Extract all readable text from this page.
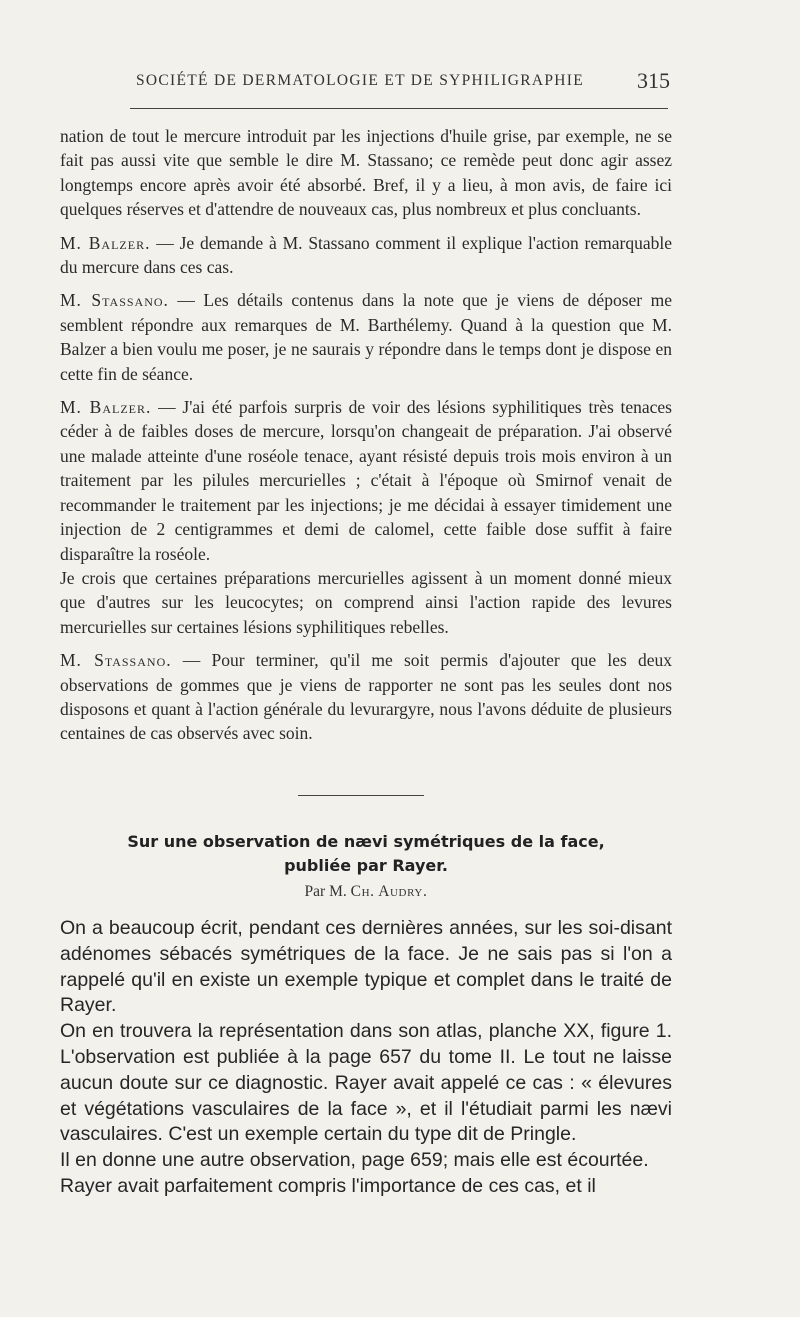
SOCIÉTÉ DE DERMATOLOGIE ET DE SYPHILIGRAPHIE 315

nation de tout le mercure introduit par les injections d'huile grise, par exemple, ne se fait pas aussi vite que semble le dire M. Stassano; ce remède peut donc agir assez longtemps encore après avoir été absorbé. Bref, il y a lieu, à mon avis, de faire ici quelques réserves et d'attendre de nouveaux cas, plus nombreux et plus concluants.

M. Balzer. — Je demande à M. Stassano comment il explique l'action remarquable du mercure dans ces cas.

M. Stassano. — Les détails contenus dans la note que je viens de déposer me semblent répondre aux remarques de M. Barthélemy. Quand à la question que M. Balzer a bien voulu me poser, je ne saurais y répondre dans le temps dont je dispose en cette fin de séance.

M. Balzer. — J'ai été parfois surpris de voir des lésions syphilitiques très tenaces céder à de faibles doses de mercure, lorsqu'on changeait de préparation. J'ai observé une malade atteinte d'une roséole tenace, ayant résisté depuis trois mois environ à un traitement par les pilules mercurielles ; c'était à l'époque où Smirnof venait de recommander le traitement par les injections; je me décidai à essayer timidement une injection de 2 centigrammes et demi de calomel, cette faible dose suffit à faire disparaître la roséole.

Je crois que certaines préparations mercurielles agissent à un moment donné mieux que d'autres sur les leucocytes; on comprend ainsi l'action rapide des levures mercurielles sur certaines lésions syphilitiques rebelles.

M. Stassano. — Pour terminer, qu'il me soit permis d'ajouter que les deux observations de gommes que je viens de rapporter ne sont pas les seules dont nos disposons et quant à l'action générale du levurargyre, nous l'avons déduite de plusieurs centaines de cas observés avec soin.

Sur une observation de nævi symétriques de la face,
publiée par Rayer.
Par M. Ch. Audry.

On a beaucoup écrit, pendant ces dernières années, sur les soi-disant adénomes sébacés symétriques de la face. Je ne sais pas si l'on a rappelé qu'il en existe un exemple typique et complet dans le traité de Rayer.

On en trouvera la représentation dans son atlas, planche XX, figure 1. L'observation est publiée à la page 657 du tome II. Le tout ne laisse aucun doute sur ce diagnostic. Rayer avait appelé ce cas : « élevures et végétations vasculaires de la face », et il l'étudiait parmi les nævi vasculaires. C'est un exemple certain du type dit de Pringle.

Il en donne une autre observation, page 659; mais elle est écourtée.

Rayer avait parfaitement compris l'importance de ces cas, et il
